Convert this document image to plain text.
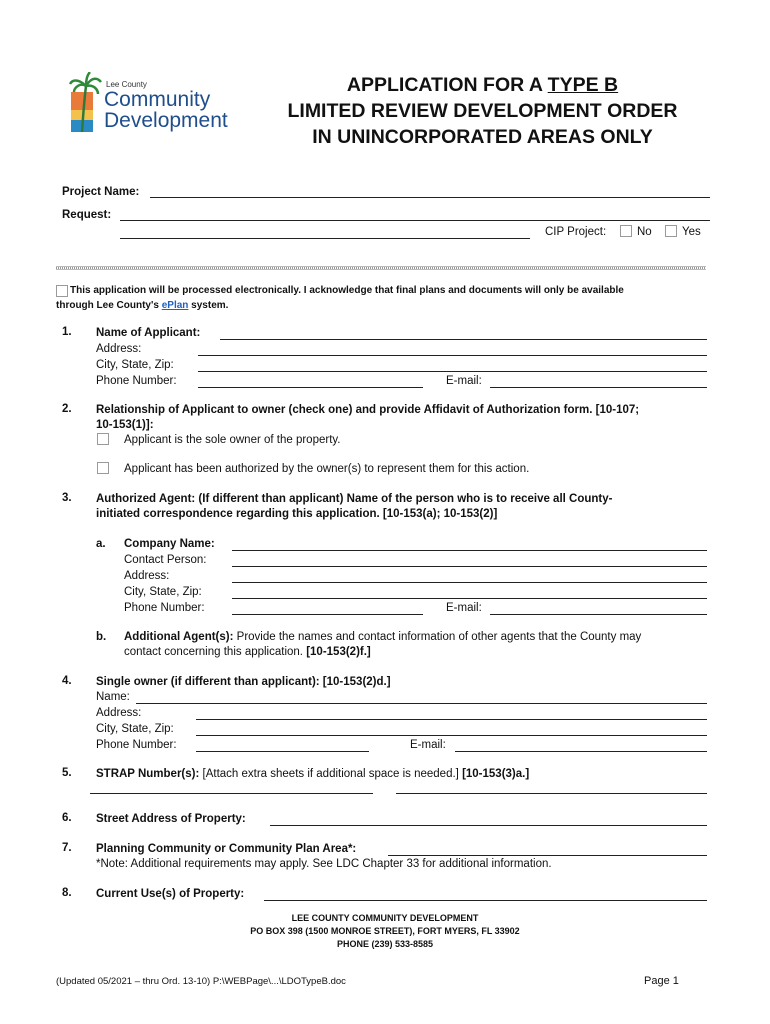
Lee County
Community
Development
APPLICATION FOR A TYPE B
LIMITED REVIEW DEVELOPMENT ORDER
IN UNINCORPORATED AREAS ONLY
Project Name:
Request:
CIP Project:	No	Yes
This application will be processed electronically. I acknowledge that final plans and documents will only be available
through Lee County's ePlan system.
1. Name of Applicant:
Address:
City, State, Zip:
Phone Number:	E-mail:
2. Relationship of Applicant to owner (check one) and provide Affidavit of Authorization form. [10-107;
10-153(1)]:
Applicant is the sole owner of the property.
Applicant has been authorized by the owner(s) to represent them for this action.
3. Authorized Agent: (If different than applicant) Name of the person who is to receive all County-
initiated correspondence regarding this application. [10-153(a); 10-153(2)]
a. Company Name:
Contact Person:
Address:
City, State, Zip:
Phone Number:	E-mail:
b. Additional Agent(s): Provide the names and contact information of other agents that the County may
contact concerning this application. [10-153(2)f.]
4. Single owner (if different than applicant): [10-153(2)d.]
Name:
Address:
City, State, Zip:
Phone Number:	E-mail:
5. STRAP Number(s): [Attach extra sheets if additional space is needed.] [10-153(3)a.]
6. Street Address of Property:
7. Planning Community or Community Plan Area*:
*Note: Additional requirements may apply. See LDC Chapter 33 for additional information.
8. Current Use(s) of Property:
LEE COUNTY COMMUNITY DEVELOPMENT
PO BOX 398 (1500 MONROE STREET), FORT MYERS, FL 33902
PHONE (239) 533-8585
(Updated 05/2021 – thru Ord. 13-10) P:\WEBPage\...\LDOTypeB.doc	Page 1
